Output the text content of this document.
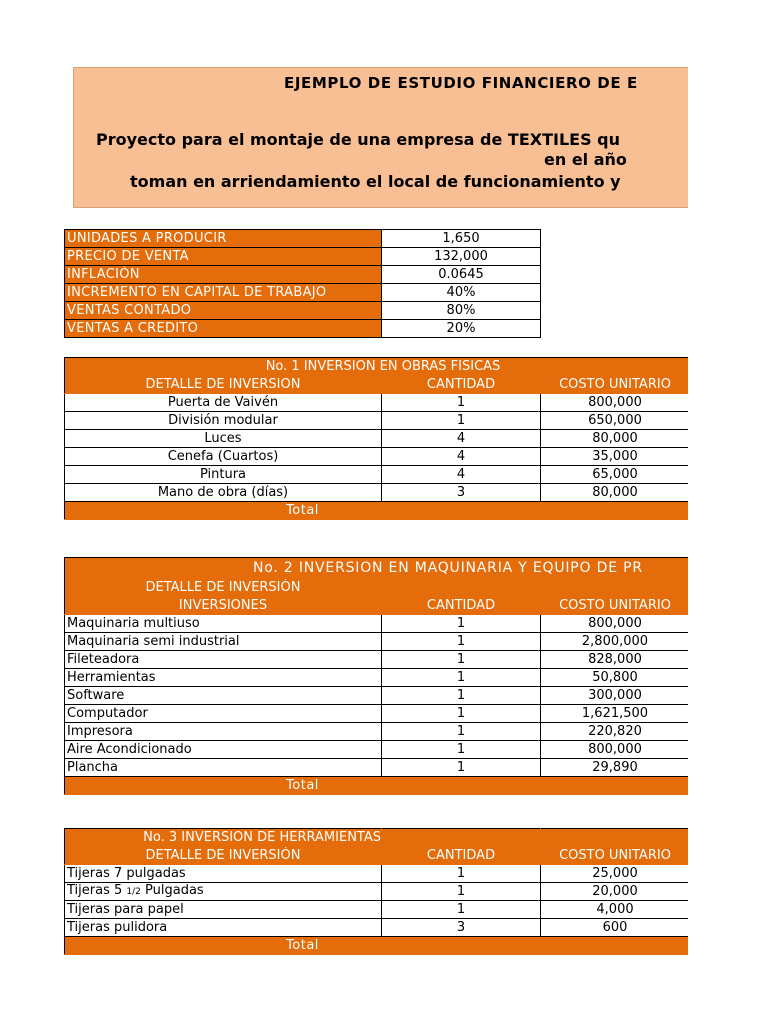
EJEMPLO DE ESTUDIO FINANCIERO DE E
Proyecto para el montaje de una empresa de TEXTILES qu
en el año
toman en arriendamiento el local de funcionamiento y
UNIDADES A PRODUCIR	1,650
PRECIO DE VENTA	132,000
INFLACIÓN	0.0645
INCREMENTO EN CAPITAL DE TRABAJO	40%
VENTAS CONTADO	80%
VENTAS A CREDITO	20%
No. 1 INVERSION EN OBRAS FISICAS			
DETALLE DE INVERSION	CANTIDAD	COSTO UNITARIO	
Puerta de Vaivén	1	800,000	
División modular	1	650,000	
Luces	4	80,000	
Cenefa (Cuartos)	4	35,000	
Pintura	4	65,000	
Mano de obra (días)	3	80,000	
Total			
No. 2 INVERSION EN MAQUINARIA Y EQUIPO DE PR			
DETALLE DE INVERSIÓN			
INVERSIONES	CANTIDAD	COSTO UNITARIO	
Maquinaria multiuso	1	800,000	
Maquinaria semi industrial	1	2,800,000	
Fileteadora	1	828,000	
Herramientas	1	50,800	
Software	1	300,000	
Computador	1	1,621,500	
Impresora	1	220,820	
Aire Acondicionado	1	800,000	
Plancha	1	29,890	
Total			
No. 3 INVERSION DE HERRAMIENTAS			
DETALLE DE INVERSIÓN	CANTIDAD	COSTO UNITARIO	
Tijeras 7 pulgadas	1	25,000	
Tijeras 5 1/2 Pulgadas	1	20,000	
Tijeras para papel	1	4,000	
Tijeras pulidora	3	600	
Total			
